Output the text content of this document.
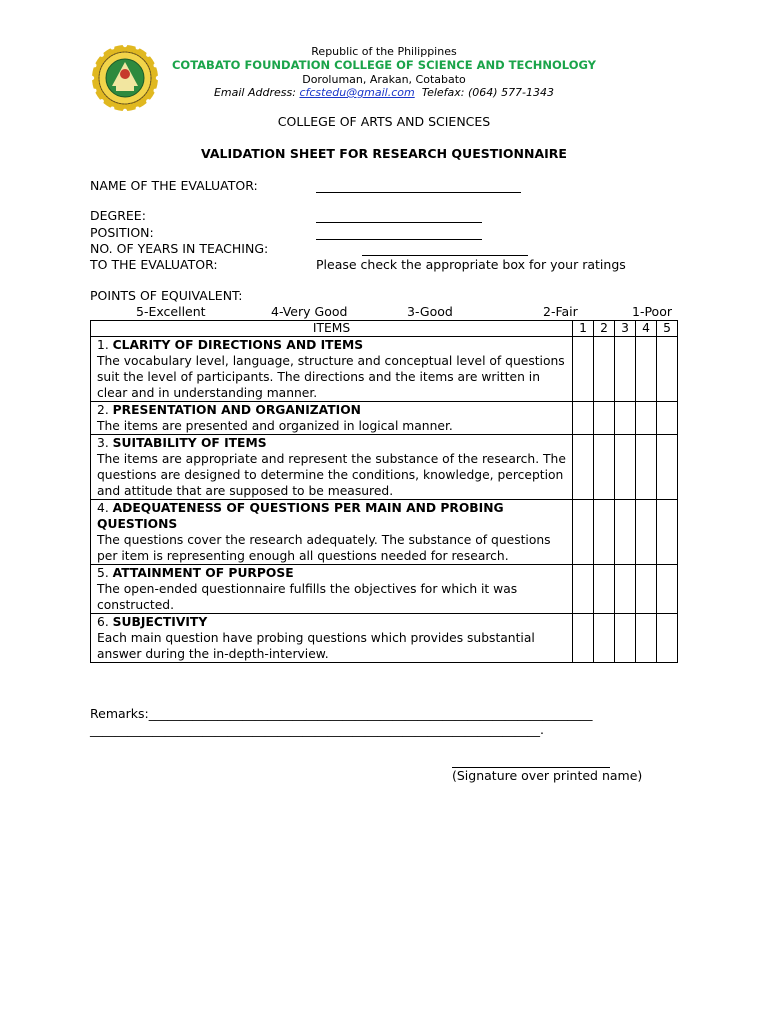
Republic of the Philippines
COTABATO FOUNDATION COLLEGE OF SCIENCE AND TECHNOLOGY
Doroluman, Arakan, Cotabato
Email Address: cfcstedu@gmail.com  Telefax: (064) 577-1343
COLLEGE OF ARTS AND SCIENCES
VALIDATION SHEET FOR RESEARCH QUESTIONNAIRE
NAME OF THE EVALUATOR:
DEGREE:
POSITION:
NO. OF YEARS IN TEACHING:
TO THE EVALUATOR:	Please check the appropriate box for your ratings
POINTS OF EQUIVALENT:
5-Excellent	4-Very Good	3-Good	2-Fair	1-Poor
ITEMS	1	2	3	4	5
1. CLARITY OF DIRECTIONS AND ITEMS
The vocabulary level, language, structure and conceptual level of questions suit the level of participants. The directions and the items are written in clear and in understanding manner.					
2. PRESENTATION AND ORGANIZATION
The items are presented and organized in logical manner.					
3. SUITABILITY OF ITEMS
The items are appropriate and represent the substance of the research. The questions are designed to determine the conditions, knowledge, perception and attitude that are supposed to be measured.					
4. ADEQUATENESS OF QUESTIONS PER MAIN AND PROBING QUESTIONS
The questions cover the research adequately. The substance of questions per item is representing enough all questions needed for research.					
5. ATTAINMENT OF PURPOSE
The open-ended questionnaire fulfills the objectives for which it was constructed.					
6. SUBJECTIVITY
Each main question have probing questions which provides substantial answer during the in-depth-interview.					
Remarks:_______________________________________________________________________
________________________________________________________________________.
(Signature over printed name)
